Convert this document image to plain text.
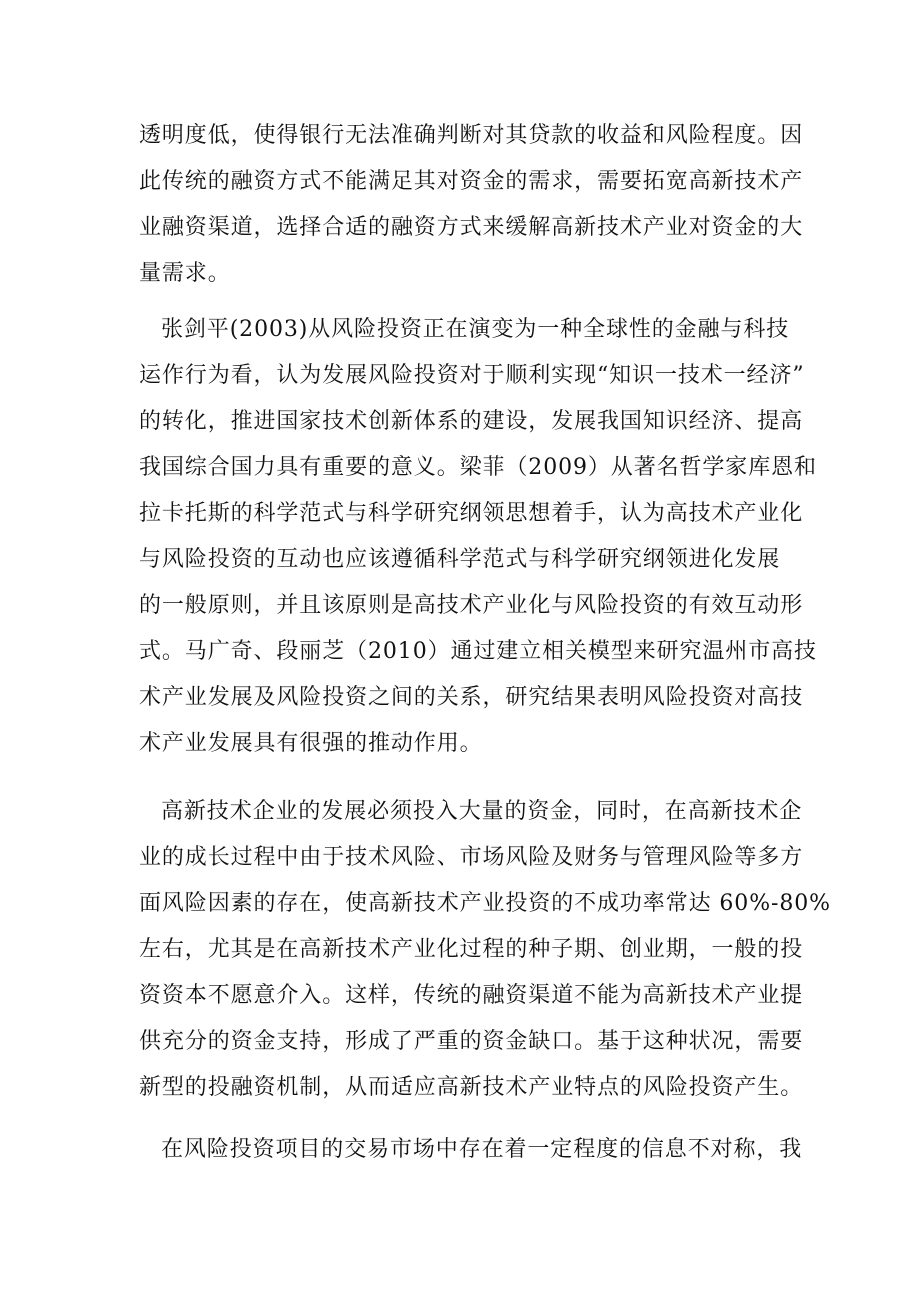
透明度低，使得银行无法准确判断对其贷款的收益和风险程度。因
此传统的融资方式不能满足其对资金的需求，需要拓宽高新技术产
业融资渠道，选择合适的融资方式来缓解高新技术产业对资金的大
量需求。
张剑平(2003)从风险投资正在演变为一种全球性的金融与科技
运作行为看，认为发展风险投资对于顺利实现“知识一技术一经济”
的转化，推进国家技术创新体系的建设，发展我国知识经济、提高
我国综合国力具有重要的意义。梁菲（2009）从著名哲学家库恩和
拉卡托斯的科学范式与科学研究纲领思想着手，认为高技术产业化
与风险投资的互动也应该遵循科学范式与科学研究纲领进化发展
的一般原则，并且该原则是高技术产业化与风险投资的有效互动形
式。马广奇、段丽芝（2010）通过建立相关模型来研究温州市高技
术产业发展及风险投资之间的关系，研究结果表明风险投资对高技
术产业发展具有很强的推动作用。
高新技术企业的发展必须投入大量的资金，同时，在高新技术企
业的成长过程中由于技术风险、市场风险及财务与管理风险等多方
面风险因素的存在，使高新技术产业投资的不成功率常达 60%-80%
左右，尤其是在高新技术产业化过程的种子期、创业期，一般的投
资资本不愿意介入。这样，传统的融资渠道不能为高新技术产业提
供充分的资金支持，形成了严重的资金缺口。基于这种状况，需要
新型的投融资机制，从而适应高新技术产业特点的风险投资产生。
在风险投资项目的交易市场中存在着一定程度的信息不对称，我
